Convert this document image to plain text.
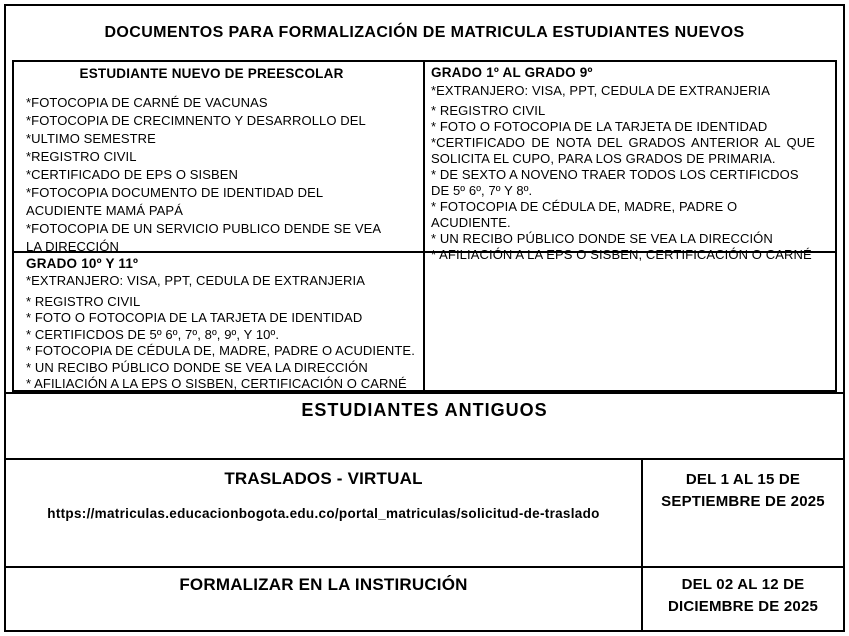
DOCUMENTOS PARA FORMALIZACIÓN DE MATRICULA ESTUDIANTES NUEVOS
ESTUDIANTE NUEVO DE PREESCOLAR
*FOTOCOPIA DE CARNÉ DE VACUNAS
*FOTOCOPIA DE CRECIMNENTO Y DESARROLLO DEL *ULTIMO SEMESTRE
*REGISTRO CIVIL
*CERTIFICADO DE EPS O SISBEN
*FOTOCOPIA DOCUMENTO DE IDENTIDAD DEL ACUDIENTE MAMÁ PAPÁ
*FOTOCOPIA DE UN SERVICIO PUBLICO DENDE SE VEA LA DIRECCIÓN
GRADO 1º AL GRADO 9º
*EXTRANJERO: VISA, PPT, CEDULA DE EXTRANJERIA
* REGISTRO CIVIL
* FOTO O FOTOCOPIA DE LA TARJETA DE IDENTIDAD
*CERTIFICADO DE NOTA DEL GRADOS ANTERIOR AL QUE SOLICITA EL CUPO, PARA LOS GRADOS DE PRIMARIA.
* DE SEXTO A NOVENO TRAER TODOS LOS CERTIFICDOS DE 5º 6º, 7º Y 8º.
* FOTOCOPIA DE CÉDULA DE, MADRE, PADRE O ACUDIENTE.
* UN RECIBO PÚBLICO DONDE SE VEA LA DIRECCIÓN
* AFILIACIÓN A LA EPS O SISBEN, CERTIFICACIÓN O CARNÉ
GRADO 10º Y 11º
*EXTRANJERO: VISA, PPT, CEDULA DE EXTRANJERIA
* REGISTRO CIVIL
* FOTO O FOTOCOPIA DE LA TARJETA DE IDENTIDAD
* CERTIFICDOS DE 5º 6º, 7º, 8º, 9º, Y 10º.
* FOTOCOPIA DE CÉDULA DE, MADRE, PADRE O ACUDIENTE.
* UN RECIBO PÚBLICO DONDE SE VEA LA DIRECCIÓN
* AFILIACIÓN A LA EPS O SISBEN, CERTIFICACIÓN O CARNÉ
ESTUDIANTES ANTIGUOS
TRASLADOS - VIRTUAL
https://matriculas.educacionbogota.edu.co/portal_matriculas/solicitud-de-traslado
DEL 1 AL 15 DE SEPTIEMBRE DE 2025
FORMALIZAR EN LA INSTIRUCIÓN	DEL 02 AL 12 DE DICIEMBRE DE 2025
